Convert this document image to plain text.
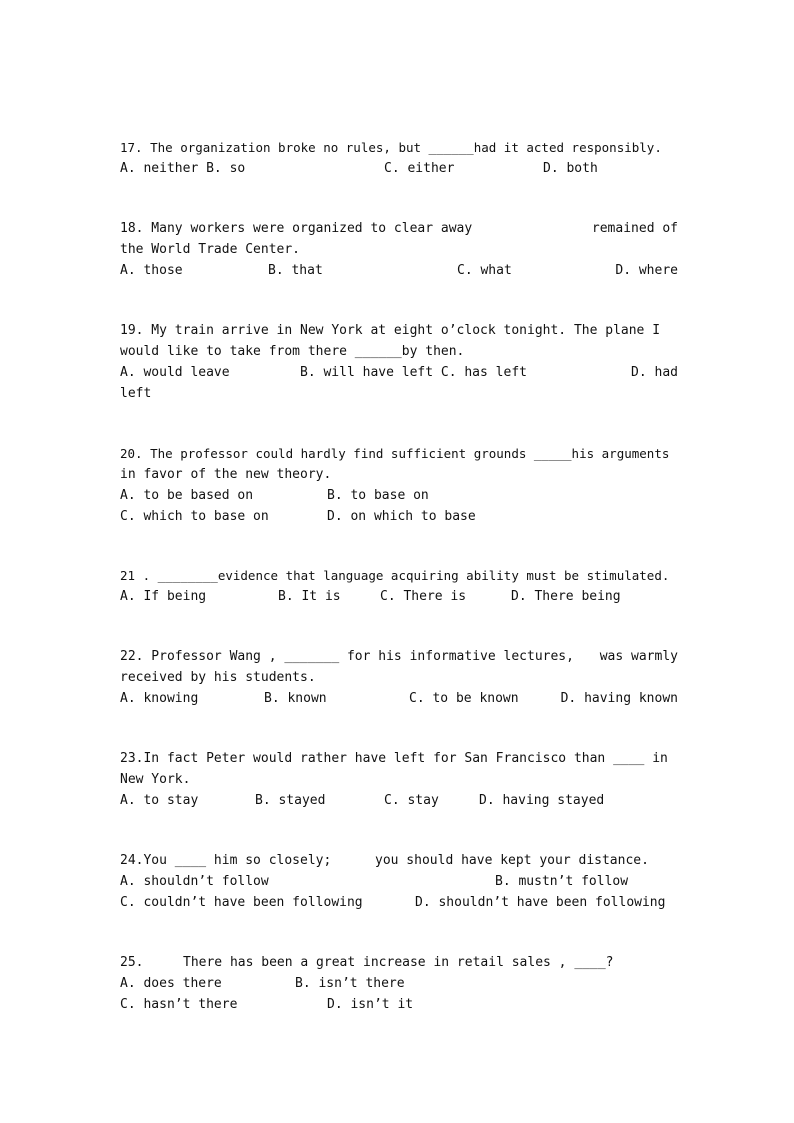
17. The organization broke no rules, but ______had it acted responsibly.
A. neither B. so	C. either	D. both
18. Many workers were organized to clear away	remained of
the World Trade Center.
A. those	B. that	C. what	D. where
19. My train arrive in New York at eight o’clock tonight. The plane I
would like to take from there ______by then.
A. would leave	B. will have left C. has left	D. had
left
20. The professor could hardly find sufficient grounds _____his arguments
in favor of the new theory.
A. to be based on	B. to base on
C. which to base on	D. on which to base
21 . ________evidence that language acquiring ability must be stimulated.
A. If being	B. It is	C. There is	D. There being
22. Professor Wang , _______ for his informative lectures, was warmly
received by his students.
A. knowing	B. known	C. to be known	D. having known
23.In fact Peter would rather have left for San Francisco than ____ in
New York.
A. to stay	B. stayed	C. stay	D. having stayed
24.You ____ him so closely;	you should have kept your distance.
A. shouldn’t follow	B. mustn’t follow
C. couldn’t have been following	D. shouldn’t have been following
25.	There has been a great increase in retail sales , ____?
A. does there	B. isn’t there
C. hasn’t there	D. isn’t it
